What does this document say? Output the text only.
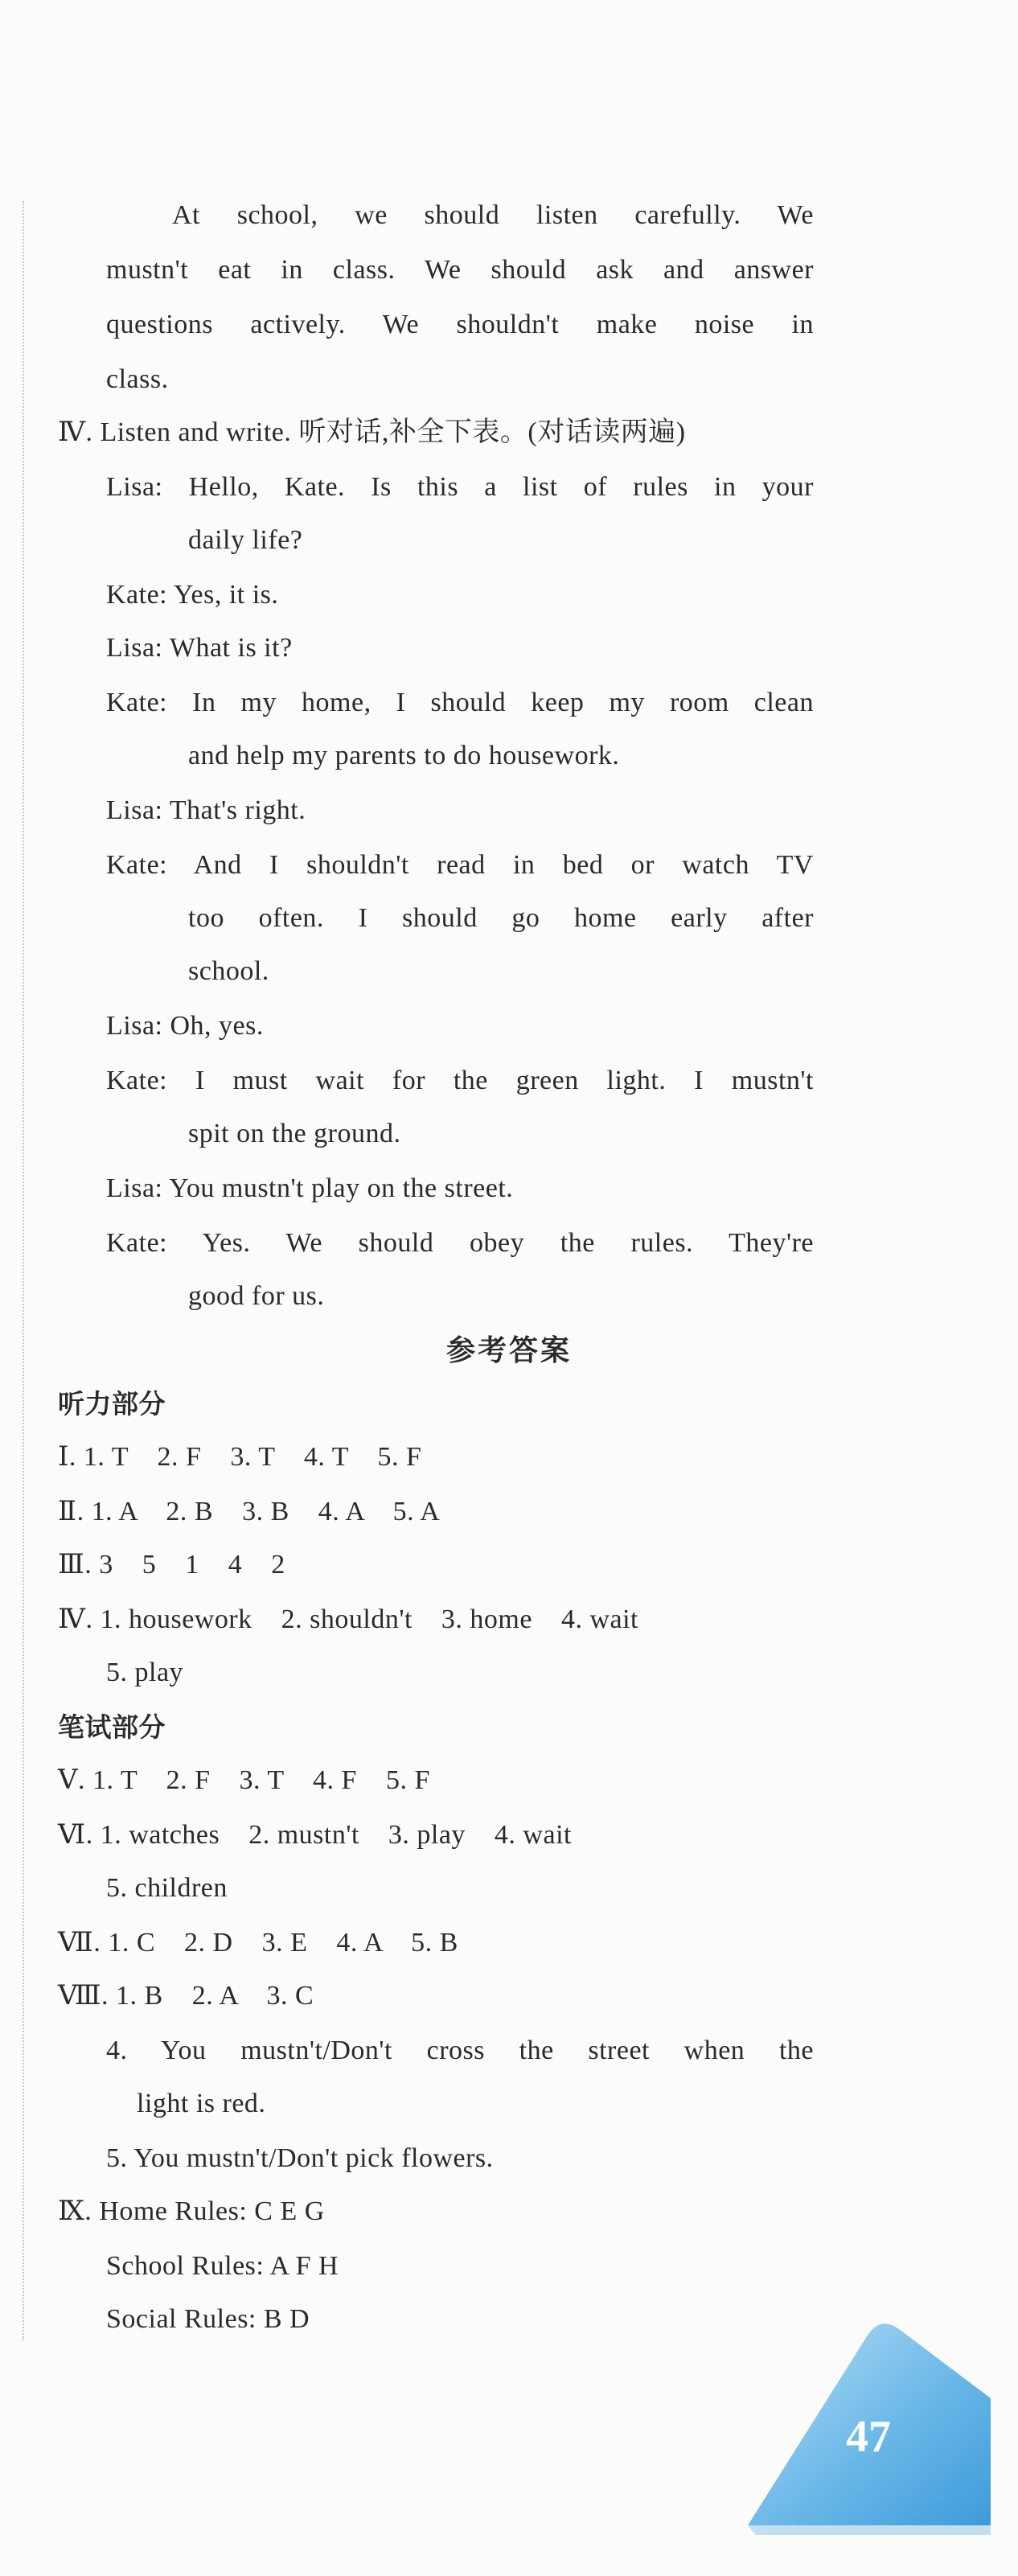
At school, we should listen carefully. We
mustn't eat in class. We should ask and answer
questions actively. We shouldn't make noise in
class.
Ⅳ. Listen and write. 听对话,补全下表。(对话读两遍)
Lisa: Hello, Kate. Is this a list of rules in your
daily life?
Kate: Yes, it is.
Lisa: What is it?
Kate: In my home, I should keep my room clean
and help my parents to do housework.
Lisa: That's right.
Kate: And I shouldn't read in bed or watch TV
too often. I should go home early after
school.
Lisa: Oh, yes.
Kate: I must wait for the green light. I mustn't
spit on the ground.
Lisa: You mustn't play on the street.
Kate: Yes. We should obey the rules. They're
good for us.
参考答案
听力部分
Ⅰ. 1. T    2. F    3. T    4. T    5. F
Ⅱ. 1. A    2. B    3. B    4. A    5. A
Ⅲ. 3    5    1    4    2
Ⅳ. 1. housework    2. shouldn't    3. home    4. wait
5. play
笔试部分
Ⅴ. 1. T    2. F    3. T    4. F    5. F
Ⅵ. 1. watches    2. mustn't    3. play    4. wait
5. children
Ⅶ. 1. C    2. D    3. E    4. A    5. B
Ⅷ. 1. B    2. A    3. C
4. You mustn't/Don't cross the street when the
light is red.
5. You mustn't/Don't pick flowers.
Ⅸ. Home Rules: C E G
School Rules: A F H
Social Rules: B D
47
